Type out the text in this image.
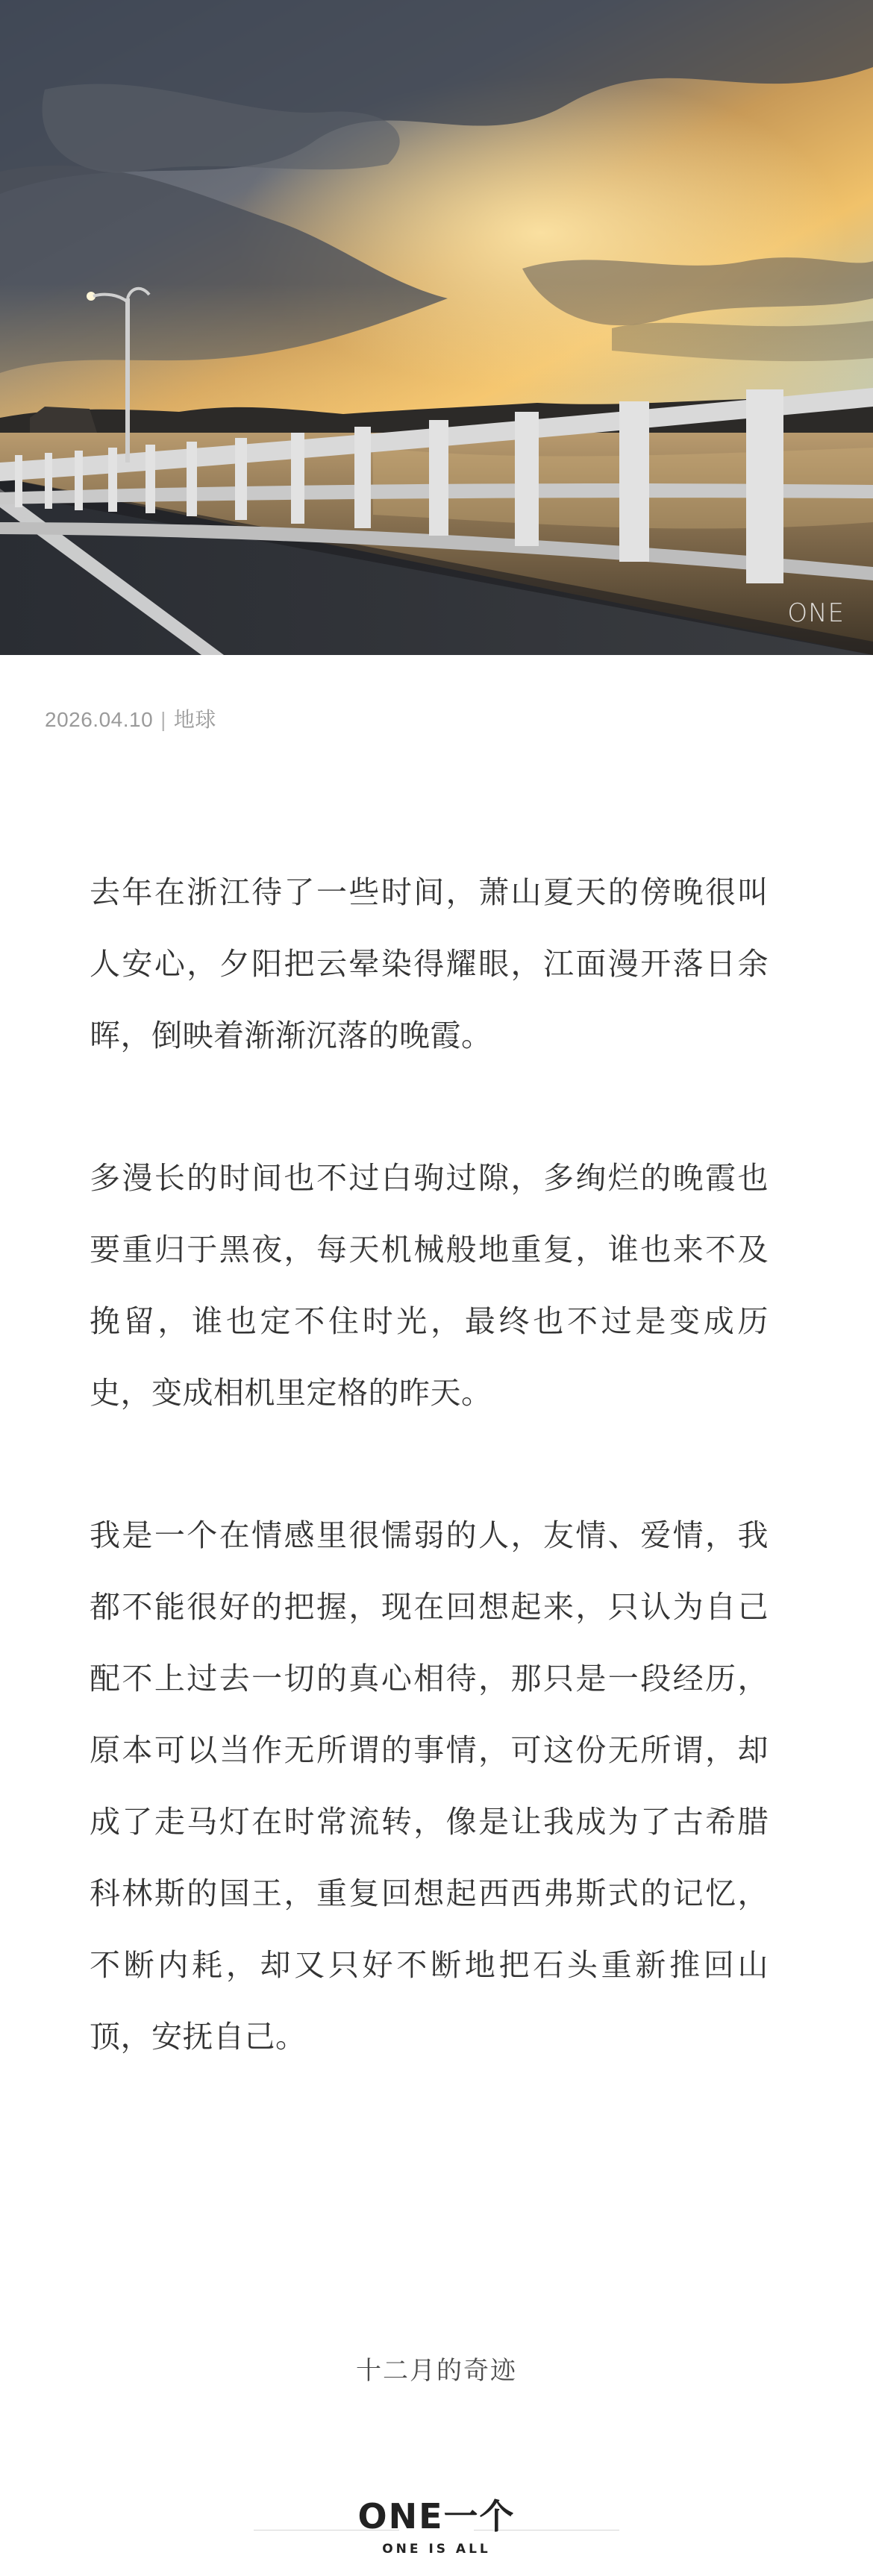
ONE
2026.04.10 | 地球

去年在浙江待了一些时间，萧山夏天的傍晚很叫人安心，夕阳把云晕染得耀眼，江面漫开落日余晖，倒映着渐渐沉落的晚霞。

多漫长的时间也不过白驹过隙，多绚烂的晚霞也要重归于黑夜，每天机械般地重复，谁也来不及挽留，谁也定不住时光，最终也不过是变成历史，变成相机里定格的昨天。

我是一个在情感里很懦弱的人，友情、爱情，我都不能很好的把握，现在回想起来，只认为自己配不上过去一切的真心相待，那只是一段经历，原本可以当作无所谓的事情，可这份无所谓，却成了走马灯在时常流转，像是让我成为了古希腊科林斯的国王，重复回想起西西弗斯式的记忆，不断内耗，却又只好不断地把石头重新推回山顶，安抚自己。

十二月的奇迹
ONE一个
ONE IS ALL
